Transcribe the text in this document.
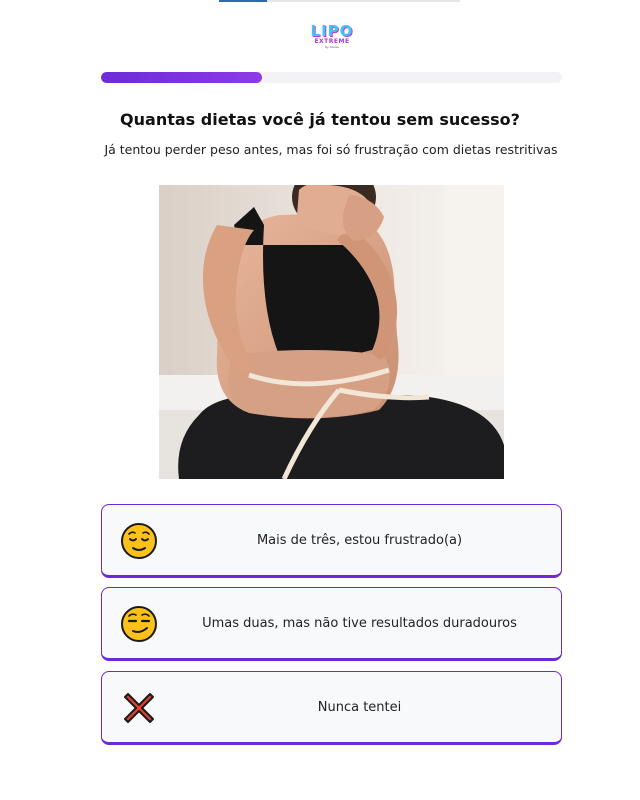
LIPO
EXTREME
by Sousa
Quantas dietas você já tentou sem sucesso?

Já tentou perder peso antes, mas foi só frustração com dietas restritivas

Mais de três, estou frustrado(a)
Umas duas, mas não tive resultados duradouros
Nunca tentei
